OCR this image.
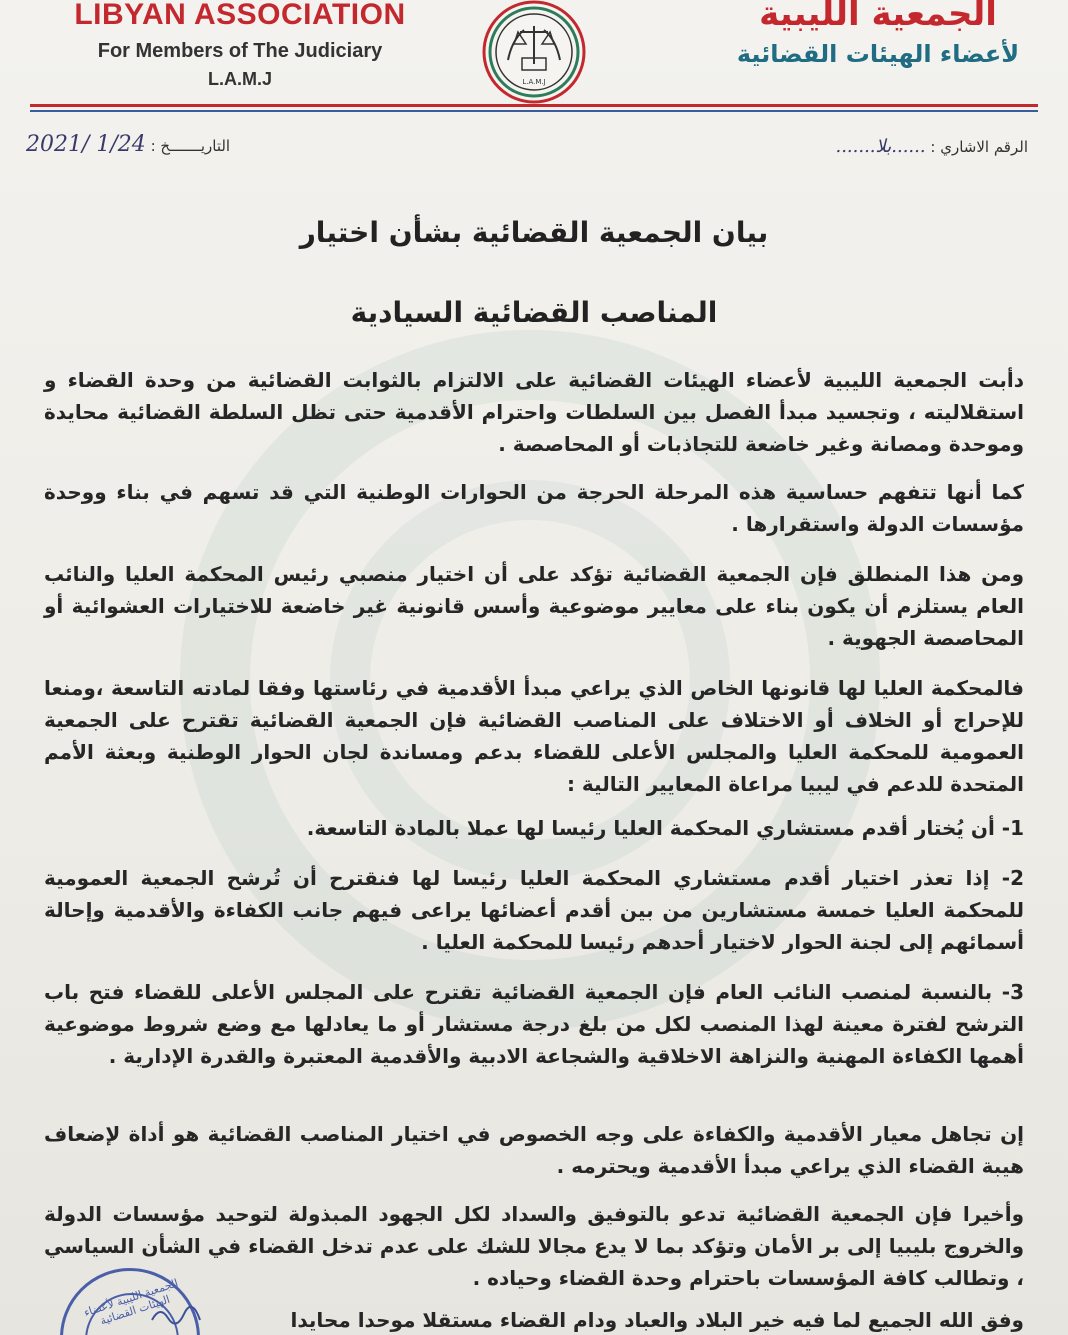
LIBYAN ASSOCIATION
For Members of The Judiciary
L.A.M.J	L.A.M.J
الجمعية الليبية
لأعضاء الهيئات القضائية
الرقم الاشاري : ......بلا.......
التاريـــــــخ : 2021/ 1/24
بيان الجمعية القضائية بشأن اختيار
المناصب القضائية السيادية
دأبت الجمعية الليبية لأعضاء الهيئات القضائية على الالتزام بالثوابت القضائية من وحدة القضاء و استقلاليته ، وتجسيد مبدأ الفصل بين السلطات واحترام الأقدمية حتى تظل السلطة القضائية محايدة وموحدة ومصانة وغير خاضعة للتجاذبات أو المحاصصة .
كما أنها تتفهم حساسية هذه المرحلة الحرجة من الحوارات الوطنية التي قد تسهم في بناء ووحدة مؤسسات الدولة واستقرارها .
ومن هذا المنطلق فإن الجمعية القضائية تؤكد على أن اختيار منصبي رئيس المحكمة العليا والنائب العام يستلزم أن يكون بناء على معايير موضوعية وأسس قانونية غير خاضعة للاختيارات العشوائية أو المحاصصة الجهوية .
فالمحكمة العليا لها قانونها الخاص الذي يراعي مبدأ الأقدمية في رئاستها وفقا لمادته التاسعة ،ومنعا للإحراج أو الخلاف أو الاختلاف على المناصب القضائية فإن الجمعية القضائية تقترح على الجمعية العمومية للمحكمة العليا والمجلس الأعلى للقضاء بدعم ومساندة لجان الحوار الوطنية وبعثة الأمم المتحدة للدعم في ليبيا مراعاة المعايير التالية :
1- أن يُختار أقدم مستشاري المحكمة العليا رئيسا لها عملا بالمادة التاسعة.
2- إذا تعذر اختيار أقدم مستشاري المحكمة العليا رئيسا لها فنقترح أن تُرشح الجمعية العمومية للمحكمة العليا خمسة مستشارين من بين أقدم أعضائها يراعى فيهم جانب الكفاءة والأقدمية وإحالة أسمائهم إلى لجنة الحوار لاختيار أحدهم رئيسا للمحكمة العليا .
3- بالنسبة لمنصب النائب العام فإن الجمعية القضائية تقترح على المجلس الأعلى للقضاء فتح باب الترشح لفترة معينة لهذا المنصب لكل من بلغ درجة مستشار أو ما يعادلها مع وضع شروط موضوعية أهمها الكفاءة المهنية والنزاهة الاخلاقية والشجاعة الادبية والأقدمية المعتبرة والقدرة الإدارية .
إن تجاهل معيار الأقدمية والكفاءة على وجه الخصوص في اختيار المناصب القضائية هو أداة لإضعاف هيبة القضاء الذي يراعي مبدأ الأقدمية ويحترمه .
وأخيرا فإن الجمعية القضائية تدعو بالتوفيق والسداد لكل الجهود المبذولة لتوحيد مؤسسات الدولة والخروج بليبيا إلى بر الأمان وتؤكد بما لا يدع مجالا للشك على عدم تدخل القضاء في الشأن السياسي ، وتطالب كافة المؤسسات باحترام وحدة القضاء وحياده .
وفق الله الجميع لما فيه خير البلاد والعباد ودام القضاء مستقلا موحدا محايدا
الجمعية الليبية لأعضاء الهيئات القضائية
